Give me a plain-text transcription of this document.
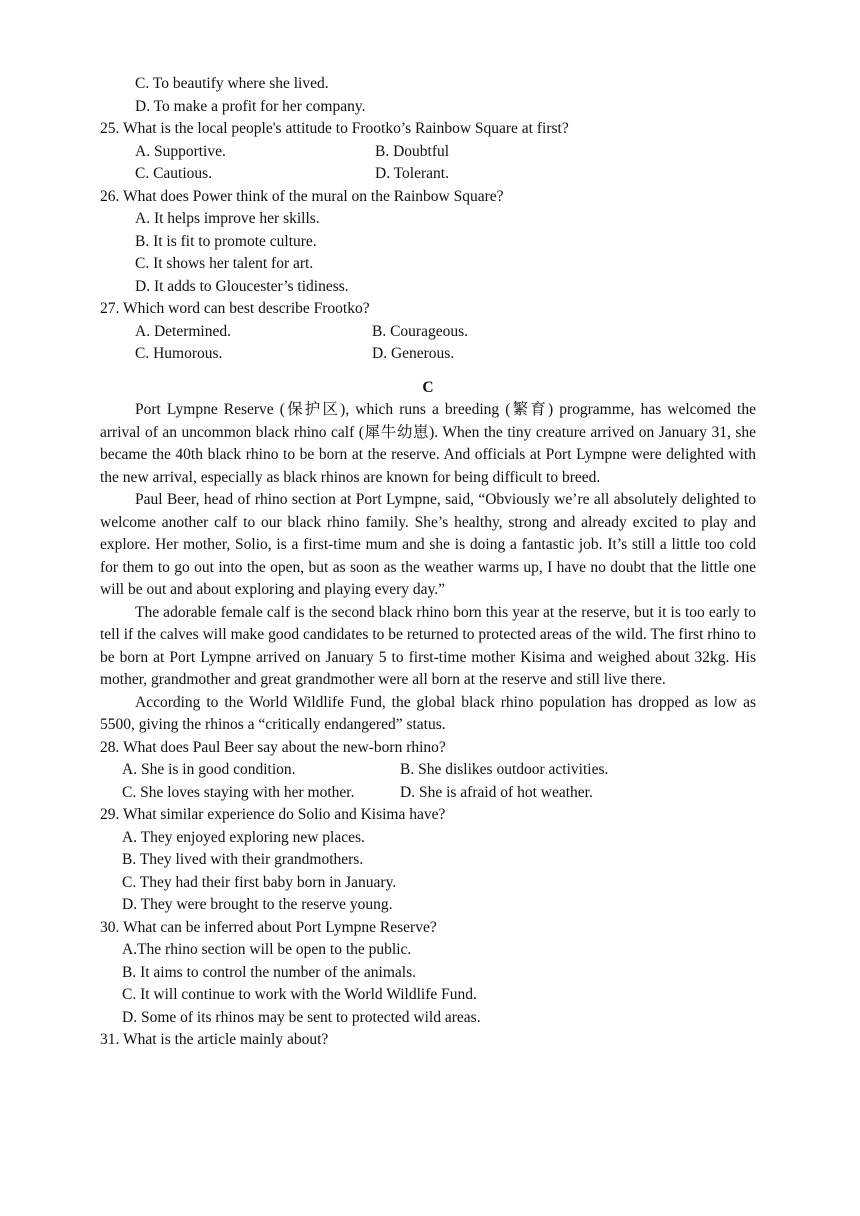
C. To beautify where she lived.
D. To make a profit for her company.
25. What is the local people's attitude to Frootko’s Rainbow Square at first?
A. Supportive.	B. Doubtful
C. Cautious.	D. Tolerant.
26. What does Power think of the mural on the Rainbow Square?
A. It helps improve her skills.
B. It is fit to promote culture.
C. It shows her talent for art.
D. It adds to Gloucester’s tidiness.
27. Which word can best describe Frootko?
A. Determined.	B. Courageous.
C. Humorous.	D. Generous.
C

Port Lympne Reserve (保护区), which runs a breeding (繁育) programme, has welcomed the arrival of an uncommon black rhino calf (犀牛幼崽). When the tiny creature arrived on January 31, she became the 40th black rhino to be born at the reserve. And officials at Port Lympne were delighted with the new arrival, especially as black rhinos are known for being difficult to breed.

Paul Beer, head of rhino section at Port Lympne, said, “Obviously we’re all absolutely delighted to welcome another calf to our black rhino family. She’s healthy, strong and already excited to play and explore. Her mother, Solio, is a first-time mum and she is doing a fantastic job. It’s still a little too cold for them to go out into the open, but as soon as the weather warms up, I have no doubt that the little one will be out and about exploring and playing every day.”

The adorable female calf is the second black rhino born this year at the reserve, but it is too early to tell if the calves will make good candidates to be returned to protected areas of the wild. The first rhino to be born at Port Lympne arrived on January 5 to first-time mother Kisima and weighed about 32kg. His mother, grandmother and great grandmother were all born at the reserve and still live there.

According to the World Wildlife Fund, the global black rhino population has dropped as low as 5500, giving the rhinos a “critically endangered” status.

28. What does Paul Beer say about the new-born rhino?
A. She is in good condition.	B. She dislikes outdoor activities.
C. She loves staying with her mother.	D. She is afraid of hot weather.
29. What similar experience do Solio and Kisima have?
A. They enjoyed exploring new places.
B. They lived with their grandmothers.
C. They had their first baby born in January.
D. They were brought to the reserve young.
30. What can be inferred about Port Lympne Reserve?
A.The rhino section will be open to the public.
B. It aims to control the number of the animals.
C. It will continue to work with the World Wildlife Fund.
D. Some of its rhinos may be sent to protected wild areas.
31. What is the article mainly about?
